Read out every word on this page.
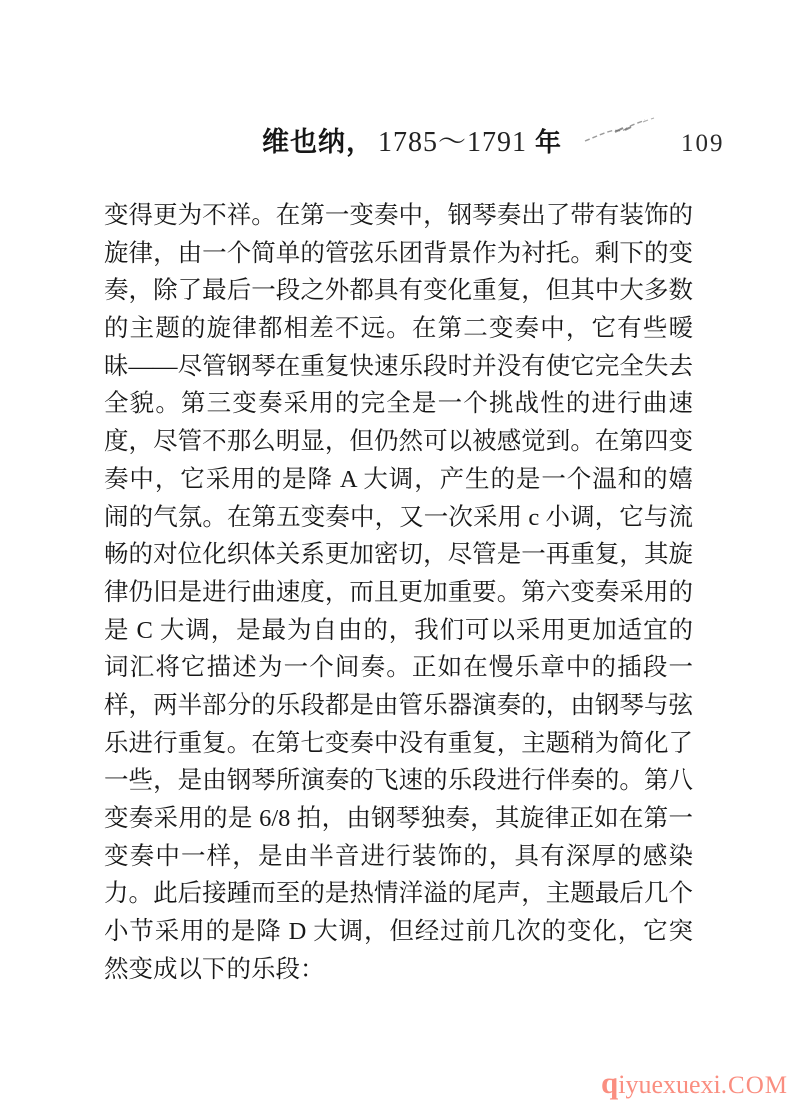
维也纳， 1785～1791 年	109
变得更为不祥。在第一变奏中，钢琴奏出了带有装饰的
旋律，由一个简单的管弦乐团背景作为衬托。剩下的变
奏，除了最后一段之外都具有变化重复，但其中大多数
的主题的旋律都相差不远。在第二变奏中，它有些暧
昧——尽管钢琴在重复快速乐段时并没有使它完全失去
全貌。第三变奏采用的完全是一个挑战性的进行曲速
度，尽管不那么明显，但仍然可以被感觉到。在第四变
奏中，它采用的是降 A 大调，产生的是一个温和的嬉
闹的气氛。在第五变奏中，又一次采用 c 小调，它与流
畅的对位化织体关系更加密切，尽管是一再重复，其旋
律仍旧是进行曲速度，而且更加重要。第六变奏采用的
是 C 大调，是最为自由的，我们可以采用更加适宜的
词汇将它描述为一个间奏。正如在慢乐章中的插段一
样，两半部分的乐段都是由管乐器演奏的，由钢琴与弦
乐进行重复。在第七变奏中没有重复，主题稍为简化了
一些，是由钢琴所演奏的飞速的乐段进行伴奏的。第八
变奏采用的是 6/8 拍，由钢琴独奏，其旋律正如在第一
变奏中一样，是由半音进行装饰的，具有深厚的感染
力。此后接踵而至的是热情洋溢的尾声，主题最后几个
小节采用的是降 D 大调，但经过前几次的变化，它突
然变成以下的乐段：
qiyuexuexi.COM
